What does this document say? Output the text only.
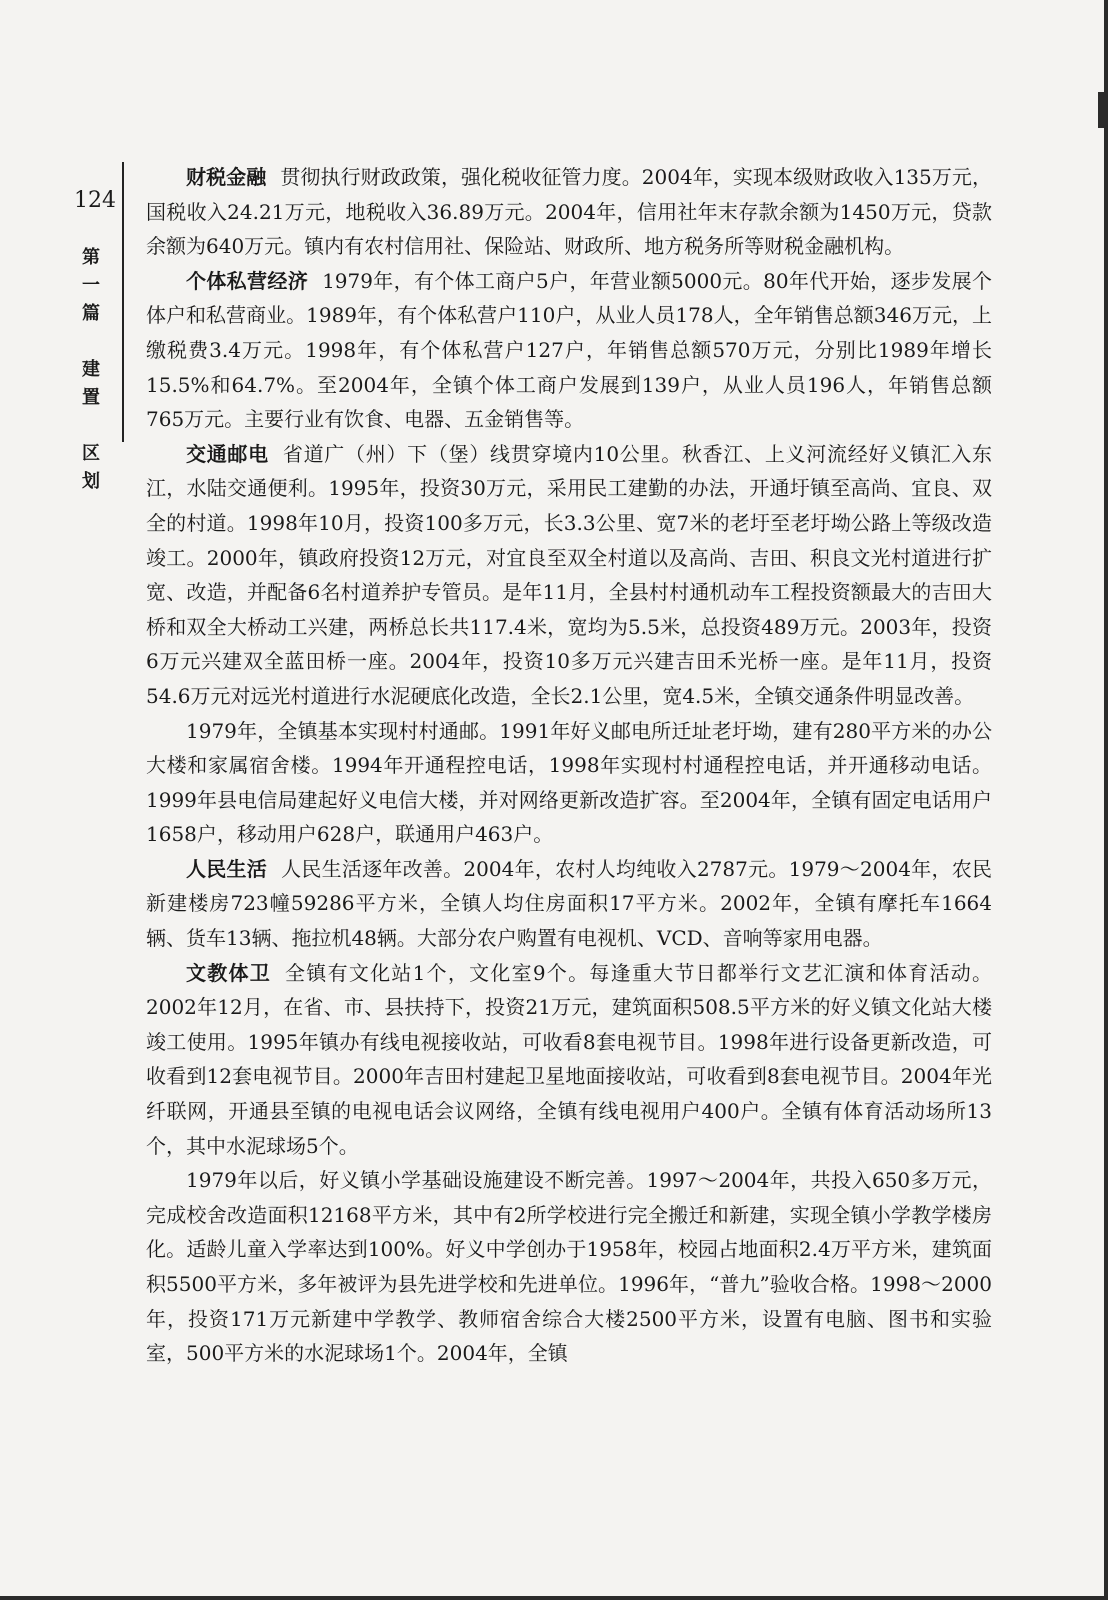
124
第
一
篇

建
置

区
划

财税金融 贯彻执行财政政策，强化税收征管力度。2004年，实现本级财政收入135万元，国税收入24.21万元，地税收入36.89万元。2004年，信用社年末存款余额为1450万元，贷款余额为640万元。镇内有农村信用社、保险站、财政所、地方税务所等财税金融机构。

个体私营经济 1979年，有个体工商户5户，年营业额5000元。80年代开始，逐步发展个体户和私营商业。1989年，有个体私营户110户，从业人员178人，全年销售总额346万元，上缴税费3.4万元。1998年，有个体私营户127户，年销售总额570万元，分别比1989年增长15.5%和64.7%。至2004年，全镇个体工商户发展到139户，从业人员196人，年销售总额765万元。主要行业有饮食、电器、五金销售等。

交通邮电 省道广（州）下（堡）线贯穿境内10公里。秋香江、上义河流经好义镇汇入东江，水陆交通便利。1995年，投资30万元，采用民工建勤的办法，开通圩镇至高尚、宜良、双全的村道。1998年10月，投资100多万元，长3.3公里、宽7米的老圩至老圩坳公路上等级改造竣工。2000年，镇政府投资12万元，对宜良至双全村道以及高尚、吉田、积良文光村道进行扩宽、改造，并配备6名村道养护专管员。是年11月，全县村村通机动车工程投资额最大的吉田大桥和双全大桥动工兴建，两桥总长共117.4米，宽均为5.5米，总投资489万元。2003年，投资6万元兴建双全蓝田桥一座。2004年，投资10多万元兴建吉田禾光桥一座。是年11月，投资54.6万元对远光村道进行水泥硬底化改造，全长2.1公里，宽4.5米，全镇交通条件明显改善。

1979年，全镇基本实现村村通邮。1991年好义邮电所迁址老圩坳，建有280平方米的办公大楼和家属宿舍楼。1994年开通程控电话，1998年实现村村通程控电话，并开通移动电话。1999年县电信局建起好义电信大楼，并对网络更新改造扩容。至2004年，全镇有固定电话用户1658户，移动用户628户，联通用户463户。

人民生活 人民生活逐年改善。2004年，农村人均纯收入2787元。1979～2004年，农民新建楼房723幢59286平方米，全镇人均住房面积17平方米。2002年，全镇有摩托车1664辆、货车13辆、拖拉机48辆。大部分农户购置有电视机、VCD、音响等家用电器。

文教体卫 全镇有文化站1个，文化室9个。每逢重大节日都举行文艺汇演和体育活动。2002年12月，在省、市、县扶持下，投资21万元，建筑面积508.5平方米的好义镇文化站大楼竣工使用。1995年镇办有线电视接收站，可收看8套电视节目。1998年进行设备更新改造，可收看到12套电视节目。2000年吉田村建起卫星地面接收站，可收看到8套电视节目。2004年光纤联网，开通县至镇的电视电话会议网络，全镇有线电视用户400户。全镇有体育活动场所13个，其中水泥球场5个。

1979年以后，好义镇小学基础设施建设不断完善。1997～2004年，共投入650多万元，完成校舍改造面积12168平方米，其中有2所学校进行完全搬迁和新建，实现全镇小学教学楼房化。适龄儿童入学率达到100%。好义中学创办于1958年，校园占地面积2.4万平方米，建筑面积5500平方米，多年被评为县先进学校和先进单位。1996年，“普九”验收合格。1998～2000年，投资171万元新建中学教学、教师宿舍综合大楼2500平方米，设置有电脑、图书和实验室，500平方米的水泥球场1个。2004年，全镇
